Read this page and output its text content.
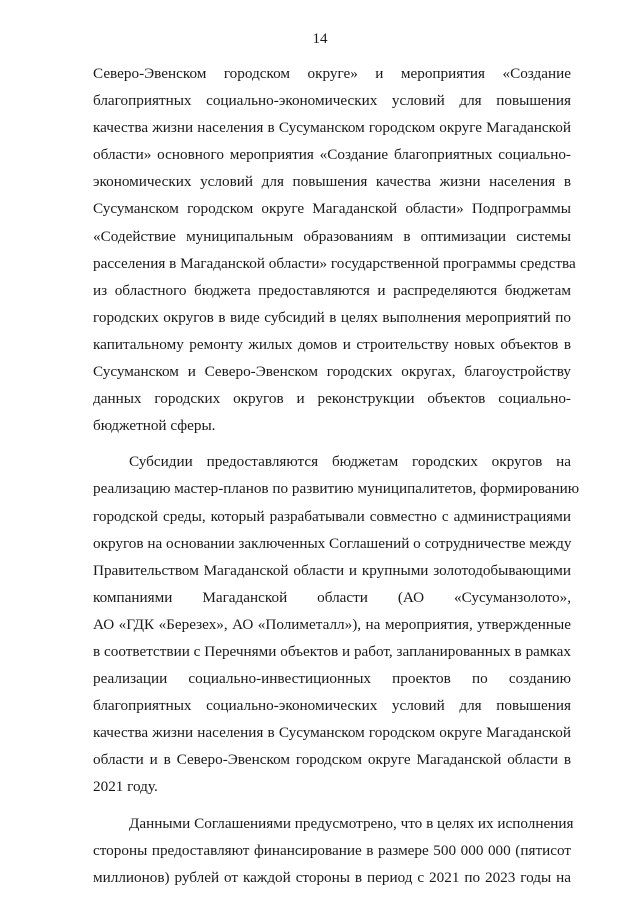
14
Северо-Эвенском городском округе» и мероприятия «Создание
благоприятных социально-экономических условий для повышения
качества жизни населения в Сусуманском городском округе Магаданской
области» основного мероприятия «Создание благоприятных социально-
экономических условий для повышения качества жизни населения в
Сусуманском городском округе Магаданской области» Подпрограммы
«Содействие муниципальным образованиям в оптимизации системы
расселения в Магаданской области» государственной программы средства
из областного бюджета предоставляются и распределяются бюджетам
городских округов в виде субсидий в целях выполнения мероприятий по
капитальному ремонту жилых домов и строительству новых объектов в
Сусуманском и Северо-Эвенском городских округах, благоустройству
данных городских округов и реконструкции объектов социально-
бюджетной сферы.
Субсидии предоставляются бюджетам городских округов на
реализацию мастер-планов по развитию муниципалитетов, формированию
городской среды, который разрабатывали совместно с администрациями
округов на основании заключенных Соглашений о сотрудничестве между
Правительством Магаданской области и крупными золотодобывающими
компаниями Магаданской области (АО «Сусуманзолото»,
АО «ГДК «Березех», АО «Полиметалл»), на мероприятия, утвержденные
в соответствии с Перечнями объектов и работ, запланированных в рамках
реализации социально-инвестиционных проектов по созданию
благоприятных социально-экономических условий для повышения
качества жизни населения в Сусуманском городском округе Магаданской
области и в Северо-Эвенском городском округе Магаданской области в
2021 году.
Данными Соглашениями предусмотрено, что в целях их исполнения
стороны предоставляют финансирование в размере 500 000 000 (пятисот
миллионов) рублей от каждой стороны в период с 2021 по 2023 годы на
